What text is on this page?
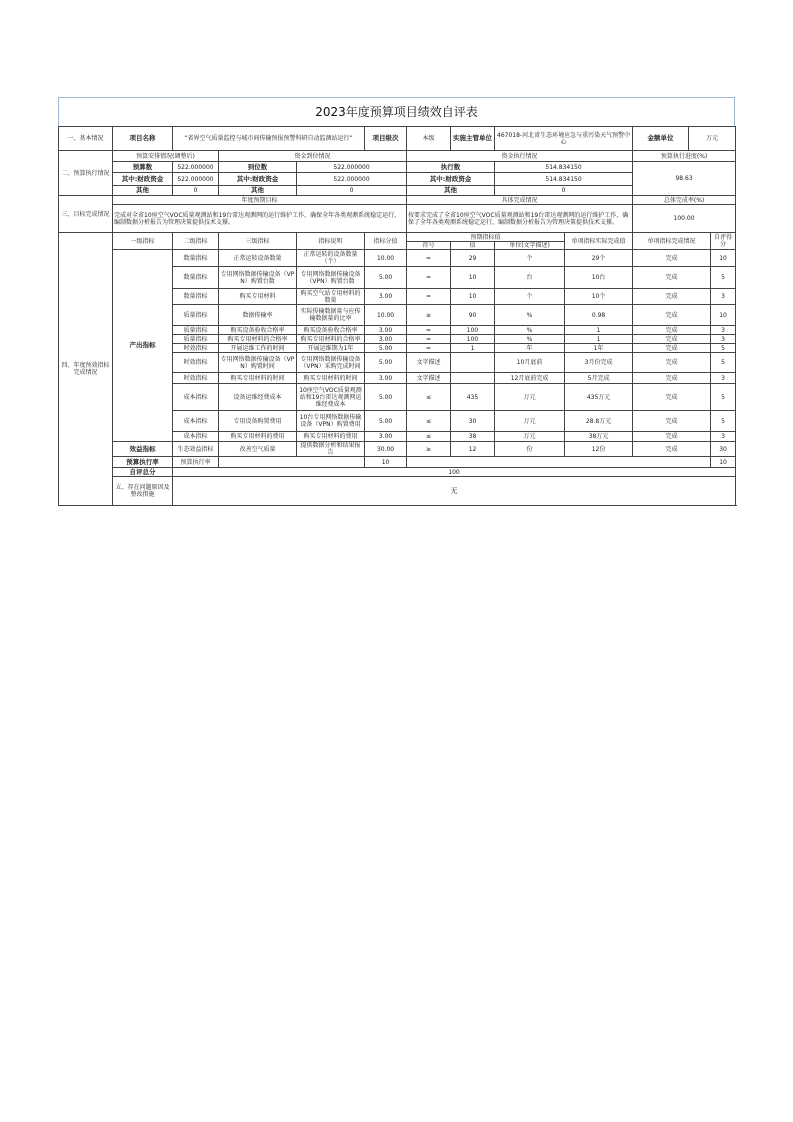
2023年度预算项目绩效自评表
一、基本情况	项目名称	“省界空气质量监控与城市间传输预报预警科研自动监测站运行”			项目级次	本级	实施主管单位	467018-河北省生态环境应急与重污染天气预警中心		金额单位	万元	
二、预算执行情况	预算安排情况(调整后)		资金到位情况			资金执行情况				预算执行进度(%)		
	预算数	522.000000	到位数	522.000000		执行数		514.834150		98.63		
	其中:财政资金	522.000000	其中:财政资金	522.000000		其中:财政资金		514.834150				
	其他	0	其他	0		其他		0				
三、目标完成情况	年度预期目标					具体完成情况				总体完成率(%)		
	完成对全省10座空气VOC质量观测站和19台雷达观测网的运行维护工作，确保全年各类观测系统稳定运行，编制数据分析报告为管理决策提供技术支撑。					按要求完成了全省10座空气VOC质量观测站和19台雷达观测网的运行维护工作，确保了全年各类观测系统稳定运行，编制数据分析报告为管理决策提供技术支撑。				100.00		
四、年度预效指标完成情况	一级指标	二级指标	三级指标	指标说明	指标分值	预期指标值			单项指标实际完成值	单项指标完成情况		自评得分
						符号	值	单位(文字描述)				
	产出指标	数量指标	正常运转设备数量	正常运转的设备数量（个）	10.00	=	29	个	29个	完成		10
		数量指标	专用网络数据传输设备（VPN）购置台数	专用网络数据传输设备（VPN）购置台数	5.00	=	10	台	10台	完成		5
		数量指标	购买专用材料	购买空气站专用材料的数量	3.00	=	10	个	10个	完成		3
		质量指标	数据传输率	实际传输数据量与应传输数据量的比率	10.00	≥	90	%	0.98	完成		10
		质量指标	购买设备验收合格率	购买设备验收合格率	3.00	=	100	%	1	完成		3
		质量指标	购买专用材料的合格率	购买专用材料的合格率	3.00	=	100	%	1	完成		3
		时效指标	开展运维工作的时间	开展运维期为1年	5.00	=	1	年	1年	完成		5
		时效指标	专用网络数据传输设备（VPN）购置时间	专用网络数据传输设备（VPN）采购完成时间	5.00	文字描述		10月底前	3月份完成	完成		5
		时效指标	购买专用材料的时间	购买专用材料的时间	3.00	文字描述		12月底前完成	5月完成	完成		3
		成本指标	设备运维经费成本	10座空气VOC质量观测站和19台雷达观测网运维经费成本	5.00	≤	435	万元	435万元	完成		5
		成本指标	专用设备购置费用	10台专用网络数据传输设备（VPN）购置费用	5.00	≤	30	万元	28.8万元	完成		5
		成本指标	购买专用材料的费用	购买专用材料的费用	3.00	≤	38	万元	38万元	完成		3
	效益指标	生态效益指标	改善空气质量	提供数据分析和结果报告	30.00	≥	12	份	12份	完成		30
	预算执行率	预算执行率			10							10
	自评总分	100										
	五、存在问题原因及整改措施	无										
